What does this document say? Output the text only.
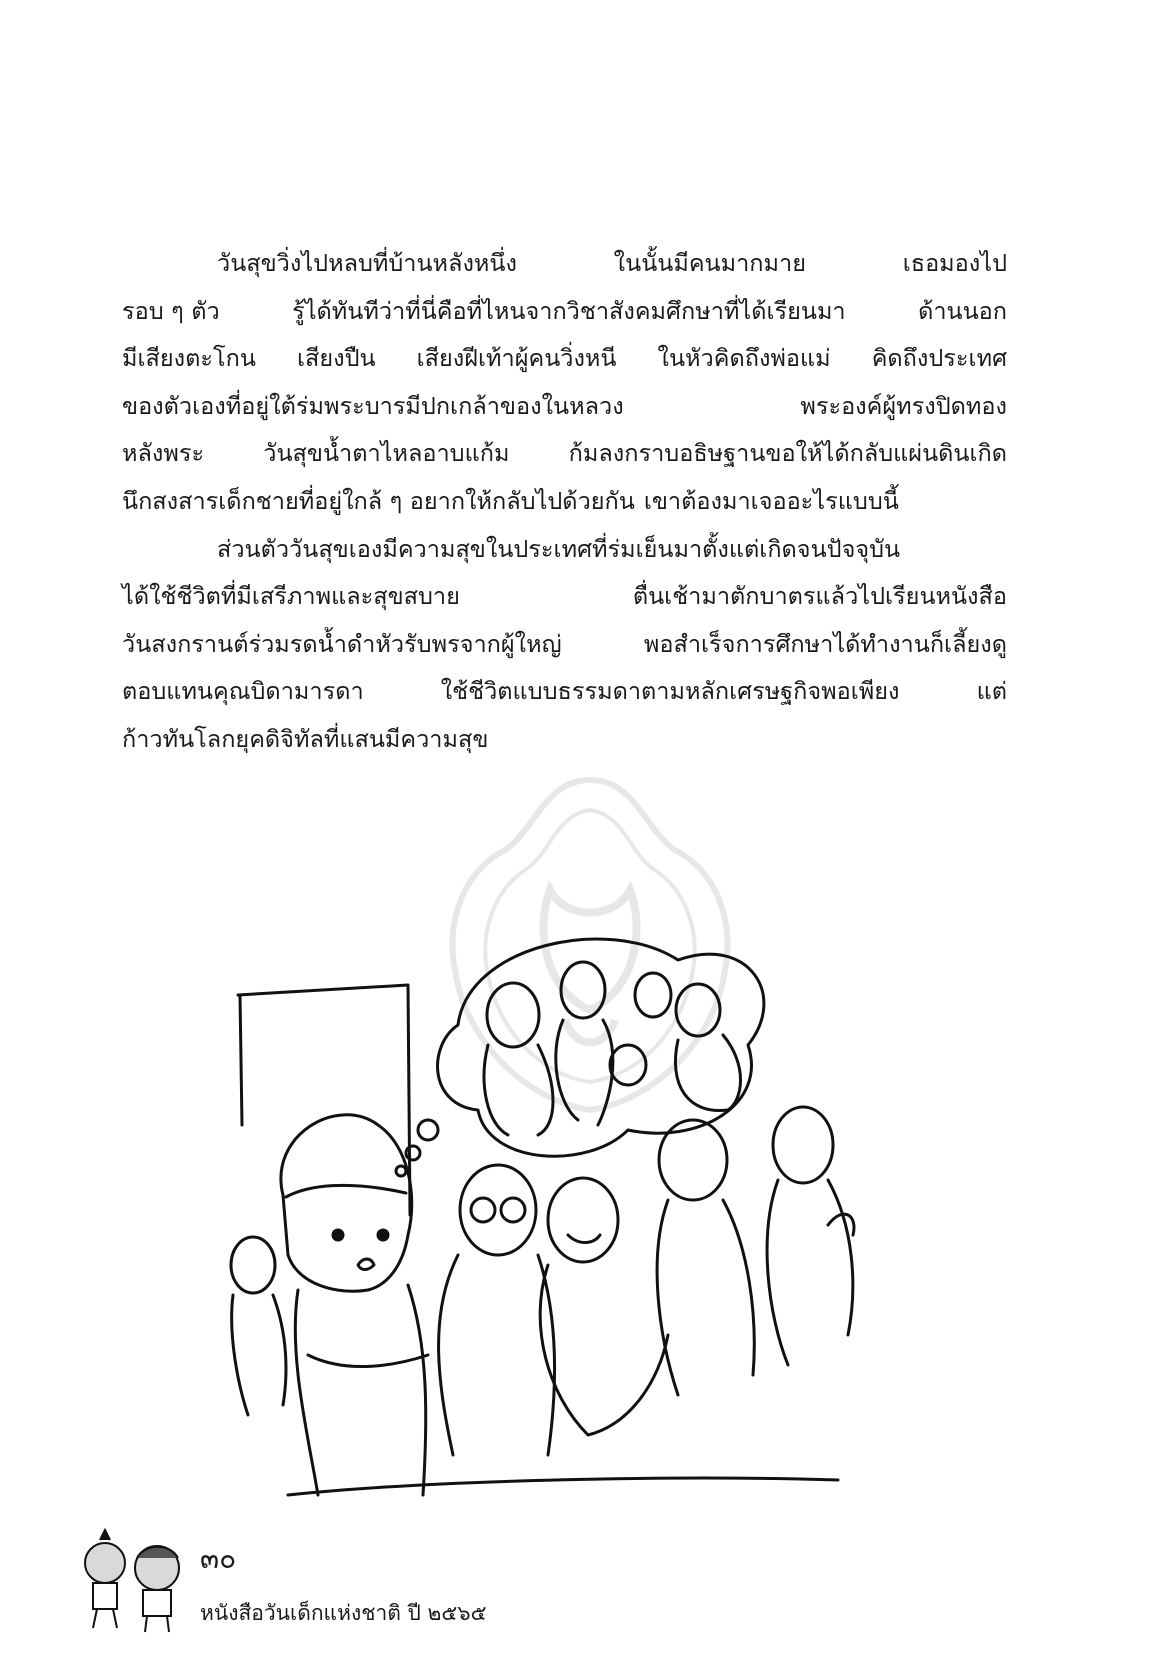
วันสุขวิ่งไปหลบที่บ้านหลังหนึ่ง	ในนั้นมีคนมากมาย	เธอมองไป
รอบ ๆ ตัว	รู้ได้ทันทีว่าที่นี่คือที่ไหนจากวิชาสังคมศึกษาที่ได้เรียนมา	ด้านนอก
มีเสียงตะโกน เสียงปืน เสียงฝีเท้าผู้คนวิ่งหนี ในหัวคิดถึงพ่อแม่ คิดถึงประเทศ
ของตัวเองที่อยู่ใต้ร่มพระบารมีปกเกล้าของในหลวง	พระองค์ผู้ทรงปิดทอง
หลังพระ	วันสุขน้ำตาไหลอาบแก้ม	ก้มลงกราบอธิษฐานขอให้ได้กลับแผ่นดินเกิด
นึกสงสารเด็กชายที่อยู่ใกล้ ๆ อยากให้กลับไปด้วยกัน เขาต้องมาเจออะไรแบบนี้
ส่วนตัววันสุขเองมีความสุขในประเทศที่ร่มเย็นมาตั้งแต่เกิดจนปัจจุบัน
ได้ใช้ชีวิตที่มีเสรีภาพและสุขสบาย	ตื่นเช้ามาตักบาตรแล้วไปเรียนหนังสือ
วันสงกรานต์ร่วมรดน้ำดำหัวรับพรจากผู้ใหญ่	พอสำเร็จการศึกษาได้ทำงานก็เลี้ยงดู
ตอบแทนคุณบิดามารดา	ใช้ชีวิตแบบธรรมดาตามหลักเศรษฐกิจพอเพียง	แต่
ก้าวทันโลกยุคดิจิทัลที่แสนมีความสุข
๓๐
หนังสือวันเด็กแห่งชาติ ปี ๒๕๖๕
